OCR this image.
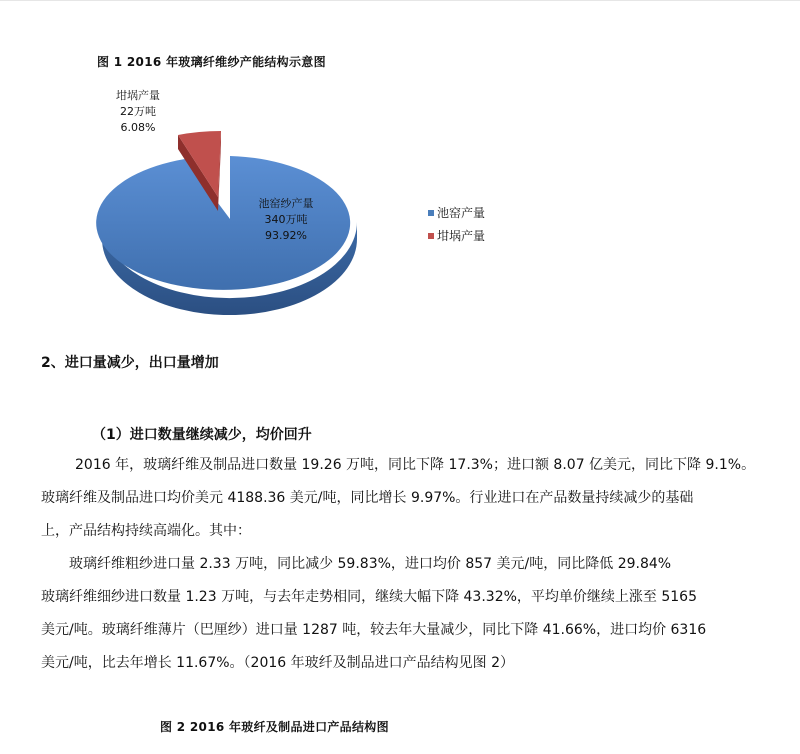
图 1 2016 年玻璃纤维纱产能结构示意图
坩埚产量
22万吨
6.08%
池窑纱产量
340万吨
93.92%
池窑产量
坩埚产量
2、进口量减少，出口量增加
（1）进口数量继续减少，均价回升
2016 年，玻璃纤维及制品进口数量 19.26 万吨，同比下降 17.3%；进口额 8.07 亿美元，同比下降 9.1%。
玻璃纤维及制品进口均价美元 4188.36 美元/吨，同比增长 9.97%。行业进口在产品数量持续减少的基础
上，产品结构持续高端化。其中：
玻璃纤维粗纱进口量 2.33 万吨，同比减少 59.83%，进口均价 857 美元/吨，同比降低 29.84%
玻璃纤维细纱进口数量 1.23 万吨，与去年走势相同，继续大幅下降 43.32%，平均单价继续上涨至 5165
美元/吨。玻璃纤维薄片（巴厘纱）进口量 1287 吨，较去年大量减少，同比下降 41.66%，进口均价 6316
美元/吨，比去年增长 11.67%。（2016 年玻纤及制品进口产品结构见图 2）
图 2 2016 年玻纤及制品进口产品结构图
